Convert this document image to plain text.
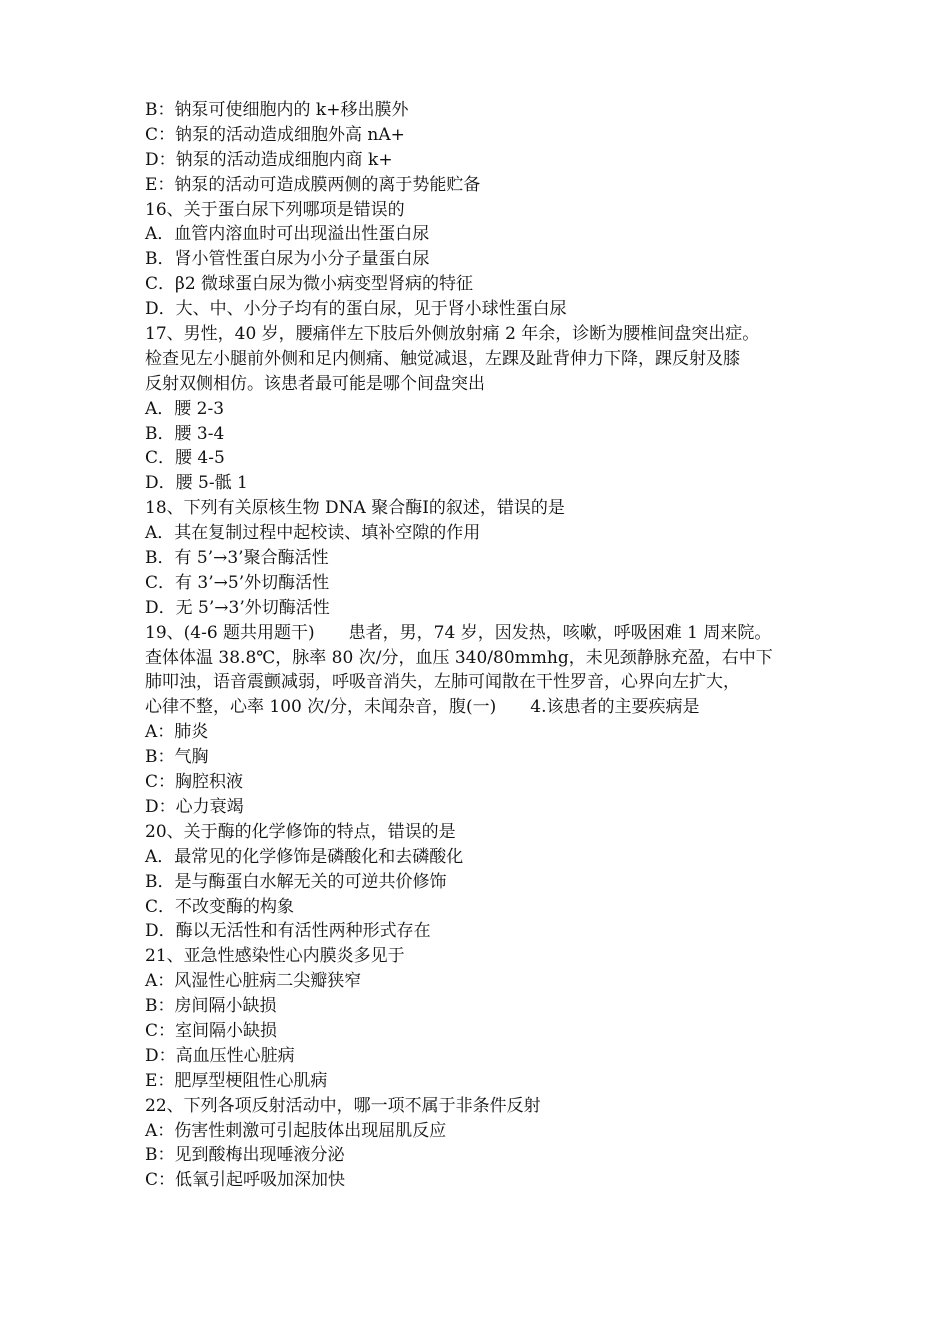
B：钠泵可使细胞内的 k+移出膜外
C：钠泵的活动造成细胞外高 nA+
D：钠泵的活动造成细胞内商 k+
E：钠泵的活动可造成膜两侧的离于势能贮备
16、关于蛋白尿下列哪项是错误的
A．血管内溶血时可出现溢出性蛋白尿
B．肾小管性蛋白尿为小分子量蛋白尿
C．β2 微球蛋白尿为微小病变型肾病的特征
D．大、中、小分子均有的蛋白尿，见于肾小球性蛋白尿
17、男性，40 岁，腰痛伴左下肢后外侧放射痛 2 年余，诊断为腰椎间盘突出症。
检查见左小腿前外侧和足内侧痛、触觉减退，左踝及趾背伸力下降，踝反射及膝
反射双侧相仿。该患者最可能是哪个间盘突出
A．腰 2-3
B．腰 3-4
C．腰 4-5
D．腰 5-骶 1
18、下列有关原核生物 DNA 聚合酶Ⅰ的叙述，错误的是
A．其在复制过程中起校读、填补空隙的作用
B．有 5’→3’聚合酶活性
C．有 3’→5’外切酶活性
D．无 5’→3’外切酶活性
19、(4-6 题共用题干)　　患者，男，74 岁，因发热，咳嗽，呼吸困难 1 周来院。
查体体温 38.8℃，脉率 80 次/分，血压 340/80mmhg，未见颈静脉充盈，右中下
肺叩浊，语音震颤减弱，呼吸音消失，左肺可闻散在干性罗音，心界向左扩大，
心律不整，心率 100 次/分，未闻杂音，腹(一)　　4.该患者的主要疾病是
A：肺炎
B：气胸
C：胸腔积液
D：心力衰竭
20、关于酶的化学修饰的特点，错误的是
A．最常见的化学修饰是磷酸化和去磷酸化
B．是与酶蛋白水解无关的可逆共价修饰
C．不改变酶的构象
D．酶以无活性和有活性两种形式存在
21、亚急性感染性心内膜炎多见于
A：风湿性心脏病二尖瓣狭窄
B：房间隔小缺损
C：室间隔小缺损
D：高血压性心脏病
E：肥厚型梗阻性心肌病
22、下列各项反射活动中，哪一项不属于非条件反射
A：伤害性刺激可引起肢体出现屈肌反应
B：见到酸梅出现唾液分泌
C：低氧引起呼吸加深加快
